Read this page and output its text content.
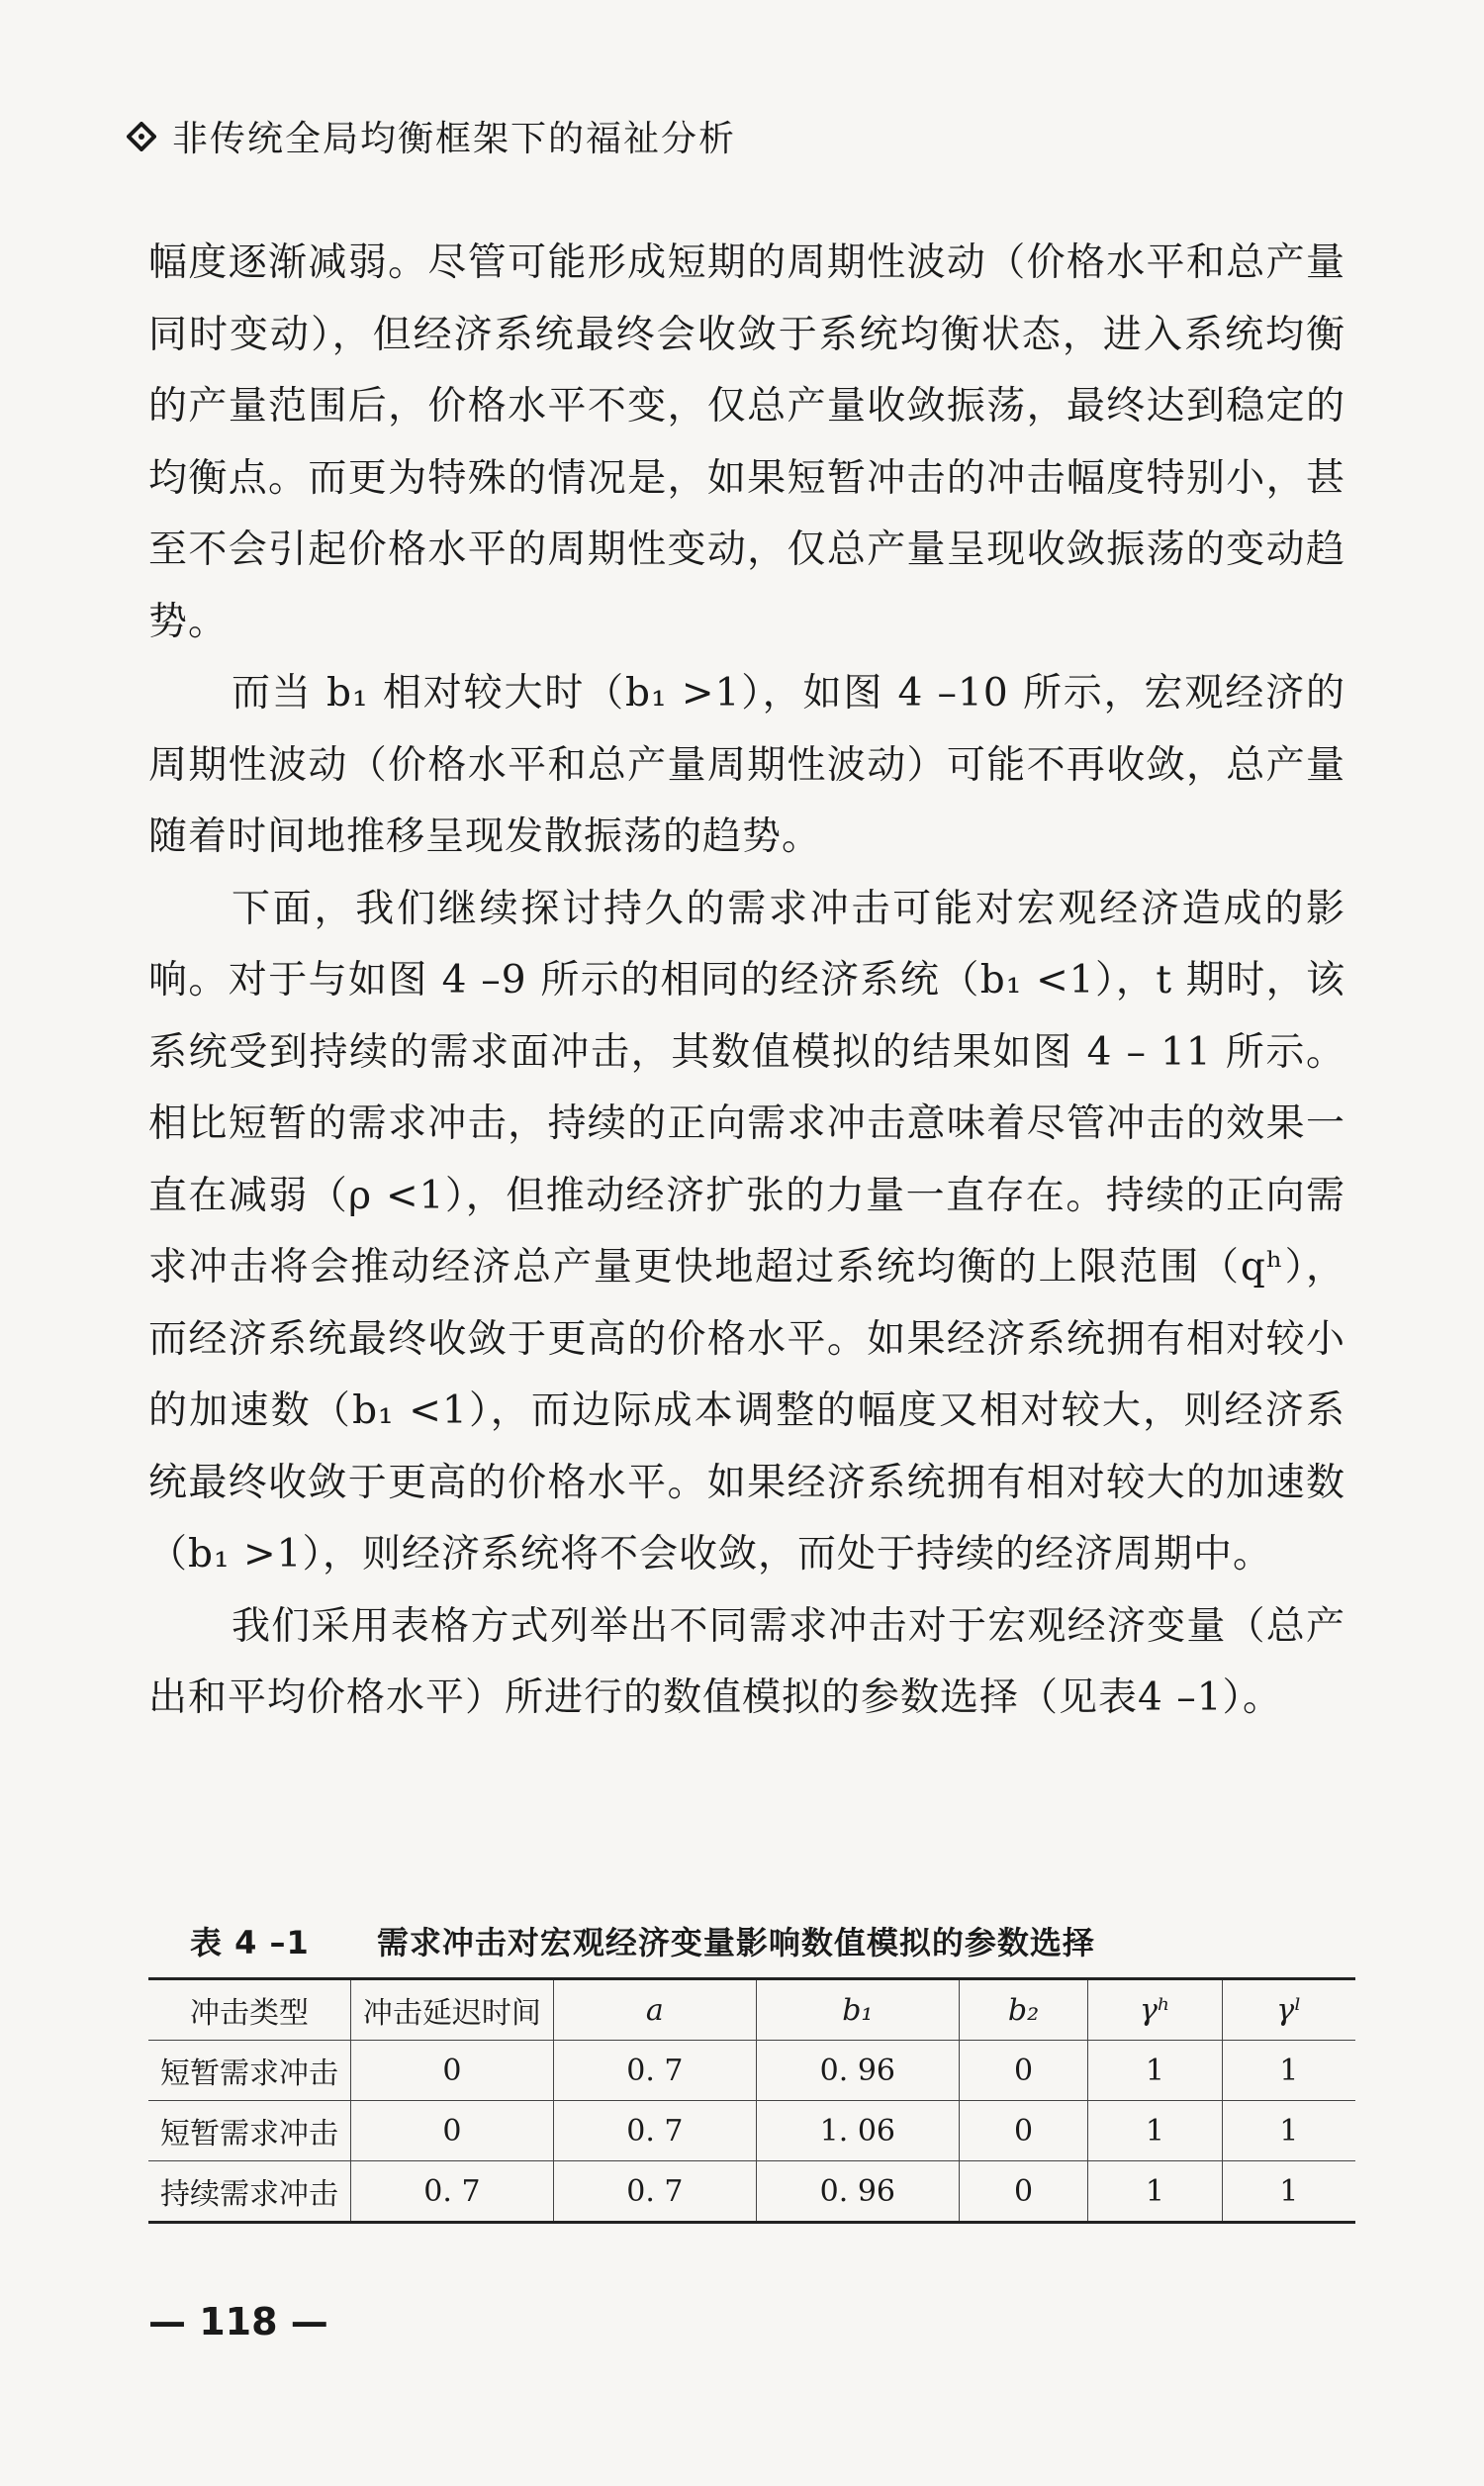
非传统全局均衡框架下的福祉分析

幅度逐渐减弱。尽管可能形成短期的周期性波动（价格水平和总产量同时变动），但经济系统最终会收敛于系统均衡状态，进入系统均衡的产量范围后，价格水平不变，仅总产量收敛振荡，最终达到稳定的均衡点。而更为特殊的情况是，如果短暂冲击的冲击幅度特别小，甚至不会引起价格水平的周期性变动，仅总产量呈现收敛振荡的变动趋势。

而当 b₁ 相对较大时（b₁ >1），如图 4 –10 所示，宏观经济的周期性波动（价格水平和总产量周期性波动）可能不再收敛，总产量随着时间地推移呈现发散振荡的趋势。

下面，我们继续探讨持久的需求冲击可能对宏观经济造成的影响。对于与如图 4 –9 所示的相同的经济系统（b₁ <1），t 期时，该系统受到持续的需求面冲击，其数值模拟的结果如图 4 – 11 所示。相比短暂的需求冲击，持续的正向需求冲击意味着尽管冲击的效果一直在减弱（ρ <1），但推动经济扩张的力量一直存在。持续的正向需求冲击将会推动经济总产量更快地超过系统均衡的上限范围（qʰ），而经济系统最终收敛于更高的价格水平。如果经济系统拥有相对较小的加速数（b₁ <1），而边际成本调整的幅度又相对较大，则经济系统最终收敛于更高的价格水平。如果经济系统拥有相对较大的加速数（b₁ >1），则经济系统将不会收敛，而处于持续的经济周期中。

我们采用表格方式列举出不同需求冲击对于宏观经济变量（总产出和平均价格水平）所进行的数值模拟的参数选择（见表4 –1）。

表 4 –1 需求冲击对宏观经济变量影响数值模拟的参数选择
冲击类型	冲击延迟时间	a	b₁	b₂	γʰ	γˡ
短暂需求冲击	0	0. 7	0. 96	0	1	1
短暂需求冲击	0	0. 7	1. 06	0	1	1
持续需求冲击	0. 7	0. 7	0. 96	0	1	1
— 118 —
